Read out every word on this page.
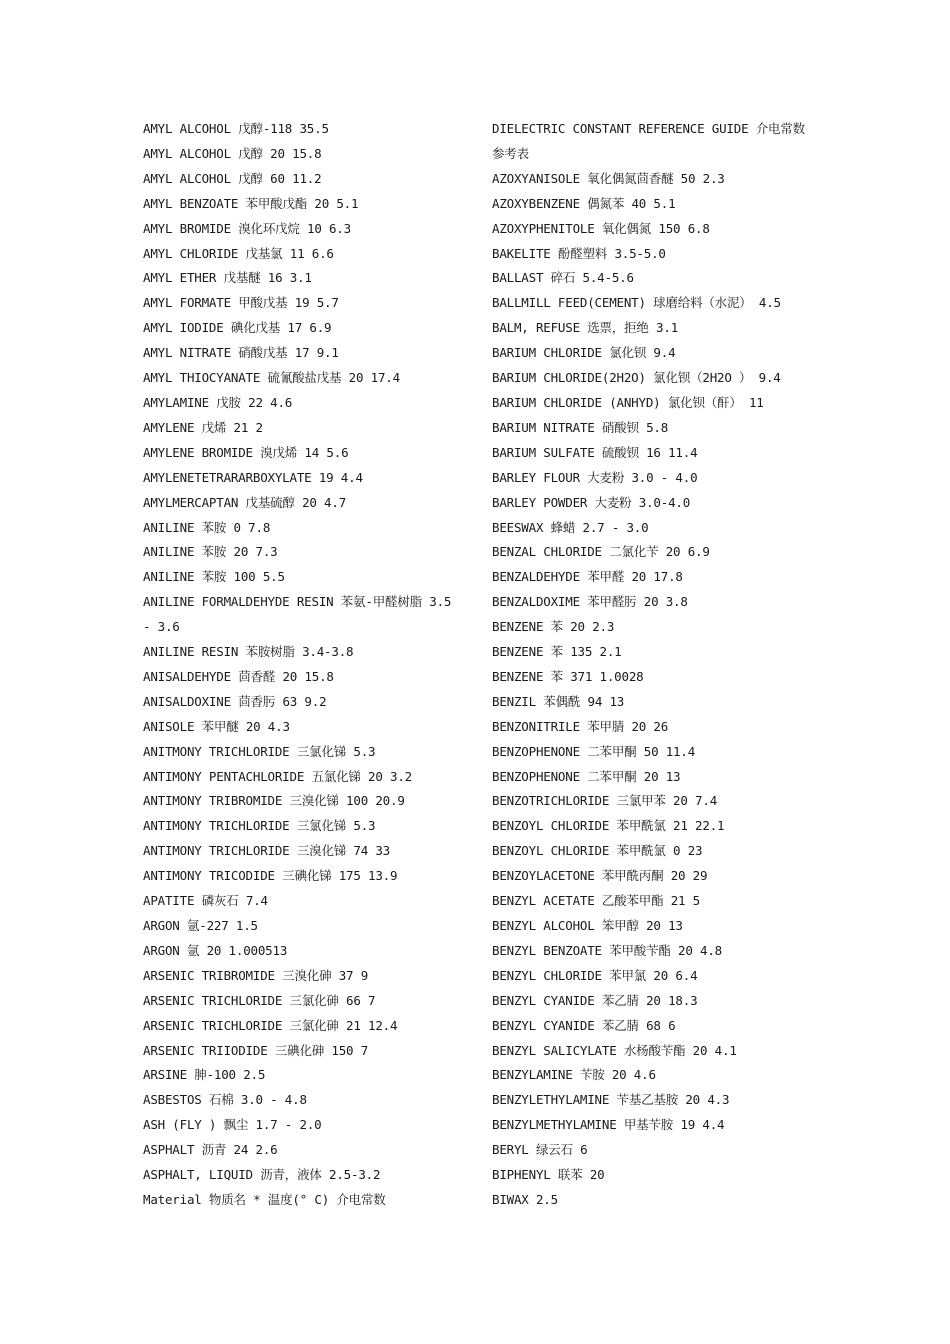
AMYL ALCOHOL 戊醇-118 35.5
AMYL ALCOHOL 戊醇 20 15.8
AMYL ALCOHOL 戊醇 60 11.2
AMYL BENZOATE 苯甲酸戊酯 20 5.1
AMYL BROMIDE 溴化环戊烷 10 6.3
AMYL CHLORIDE 戊基氯 11 6.6
AMYL ETHER 戊基醚 16 3.1
AMYL FORMATE 甲酸戊基 19 5.7
AMYL IODIDE 碘化戊基 17 6.9
AMYL NITRATE 硝酸戊基 17 9.1
AMYL THIOCYANATE 硫氰酸盐戊基 20 17.4
AMYLAMINE 戊胺 22 4.6
AMYLENE 戊烯 21 2
AMYLENE BROMIDE 溴戊烯 14 5.6
AMYLENETETRARARBOXYLATE 19 4.4
AMYLMERCAPTAN 戊基硫醇 20 4.7
ANILINE 苯胺 0 7.8
ANILINE 苯胺 20 7.3
ANILINE 苯胺 100 5.5
ANILINE FORMALDEHYDE RESIN 苯氨-甲醛树脂 3.5 - 3.6
ANILINE RESIN 苯胺树脂 3.4-3.8
ANISALDEHYDE 茴香醛 20 15.8
ANISALDOXINE 茴香肟 63 9.2
ANISOLE 苯甲醚 20 4.3
ANITMONY TRICHLORIDE 三氯化锑 5.3
ANTIMONY PENTACHLORIDE 五氯化锑 20 3.2
ANTIMONY TRIBROMIDE 三溴化锑 100 20.9
ANTIMONY TRICHLORIDE 三氯化锑 5.3
ANTIMONY TRICHLORIDE 三溴化锑 74 33
ANTIMONY TRICODIDE 三碘化锑 175 13.9
APATITE 磷灰石 7.4
ARGON 氩-227 1.5
ARGON 氩 20 1.000513
ARSENIC TRIBROMIDE 三溴化砷 37 9
ARSENIC TRICHLORIDE 三氯化砷 66 7
ARSENIC TRICHLORIDE 三氯化砷 21 12.4
ARSENIC TRIIODIDE 三碘化砷 150 7
ARSINE 胂-100 2.5
ASBESTOS 石棉 3.0 - 4.8
ASH (FLY ) 飘尘 1.7 - 2.0
ASPHALT 沥青 24 2.6
ASPHALT, LIQUID 沥青，液体 2.5-3.2
Material 物质名 * 温度(° C) 介电常数
DIELECTRIC CONSTANT REFERENCE GUIDE 介电常数参考表
AZOXYANISOLE 氧化偶氮茴香醚 50 2.3
AZOXYBENZENE 偶氮苯 40 5.1
AZOXYPHENITOLE 氧化偶氮 150 6.8
BAKELITE 酚醛塑料 3.5-5.0
BALLAST 碎石 5.4-5.6
BALLMILL FEED(CEMENT) 球磨给料（水泥） 4.5
BALM, REFUSE 选票，拒绝 3.1
BARIUM CHLORIDE 氯化钡 9.4
BARIUM CHLORIDE(2H2O) 氯化钡（2H2O ） 9.4
BARIUM CHLORIDE (ANHYD) 氯化钡（酐） 11
BARIUM NITRATE 硝酸钡 5.8
BARIUM SULFATE 硫酸钡 16 11.4
BARLEY FLOUR 大麦粉 3.0 - 4.0
BARLEY POWDER 大麦粉 3.0-4.0
BEESWAX 蜂蜡 2.7 - 3.0
BENZAL CHLORIDE 二氯化苄 20 6.9
BENZALDEHYDE 苯甲醛 20 17.8
BENZALDOXIME 苯甲醛肟 20 3.8
BENZENE 苯 20 2.3
BENZENE 苯 135 2.1
BENZENE 苯 371 1.0028
BENZIL 苯偶酰 94 13
BENZONITRILE 苯甲腈 20 26
BENZOPHENONE 二苯甲酮 50 11.4
BENZOPHENONE 二苯甲酮 20 13
BENZOTRICHLORIDE 三氯甲苯 20 7.4
BENZOYL CHLORIDE 苯甲酰氯 21 22.1
BENZOYL CHLORIDE 苯甲酰氯 0 23
BENZOYLACETONE 苯甲酰丙酮 20 29
BENZYL ACETATE 乙酸苯甲酯 21 5
BENZYL ALCOHOL 笨甲醇 20 13
BENZYL BENZOATE 苯甲酸苄酯 20 4.8
BENZYL CHLORIDE 苯甲氯 20 6.4
BENZYL CYANIDE 苯乙腈 20 18.3
BENZYL CYANIDE 苯乙腈 68 6
BENZYL SALICYLATE 水杨酸苄酯 20 4.1
BENZYLAMINE 苄胺 20 4.6
BENZYLETHYLAMINE 苄基乙基胺 20 4.3
BENZYLMETHYLAMINE 甲基苄胺 19 4.4
BERYL 绿云石 6
BIPHENYL 联苯 20
BIWAX 2.5
